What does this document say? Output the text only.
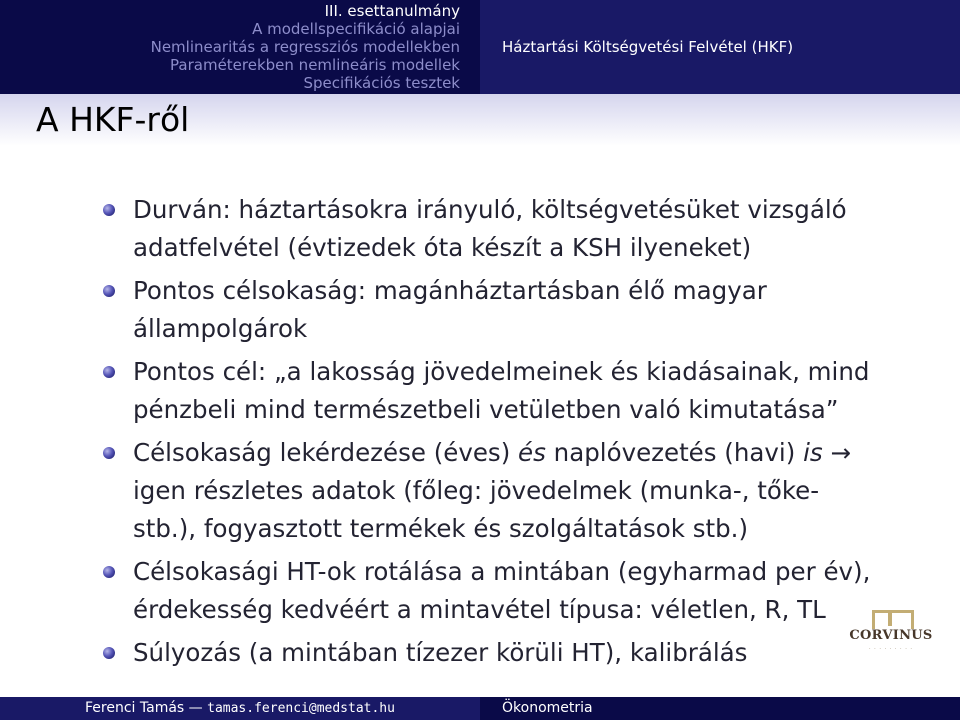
III. esettanulmány
A modellspecifikáció alapjai
Nemlinearitás a regressziós modellekben
Paraméterekben nemlineáris modellek
Specifikációs tesztek
Háztartási Költségvetési Felvétel (HKF)
A HKF-ről
Durván: háztartásokra irányuló, költségvetésüket vizsgáló adatfelvétel (évtizedek óta készít a KSH ilyeneket)
Pontos célsokaság: magánháztartásban élő magyar állampolgárok
Pontos cél: „a lakosság jövedelmeinek és kiadásainak, mind pénzbeli mind természetbeli vetületben való kimutatása”
Célsokaság lekérdezése (éves) és naplóvezetés (havi) is → igen részletes adatok (főleg: jövedelmek (munka-, tőke- stb.), fogyasztott termékek és szolgáltatások stb.)
Célsokasági HT-ok rotálása a mintában (egyharmad per év), érdekesség kedvéért a mintavétel típusa: véletlen, R, TL
Súlyozás (a mintában tízezer körüli HT), kalibrálás
CORVINUS
· · · · · · · · ·
Ferenci Tamás — tamas.ferenci@medstat.hu	Ökonometria
